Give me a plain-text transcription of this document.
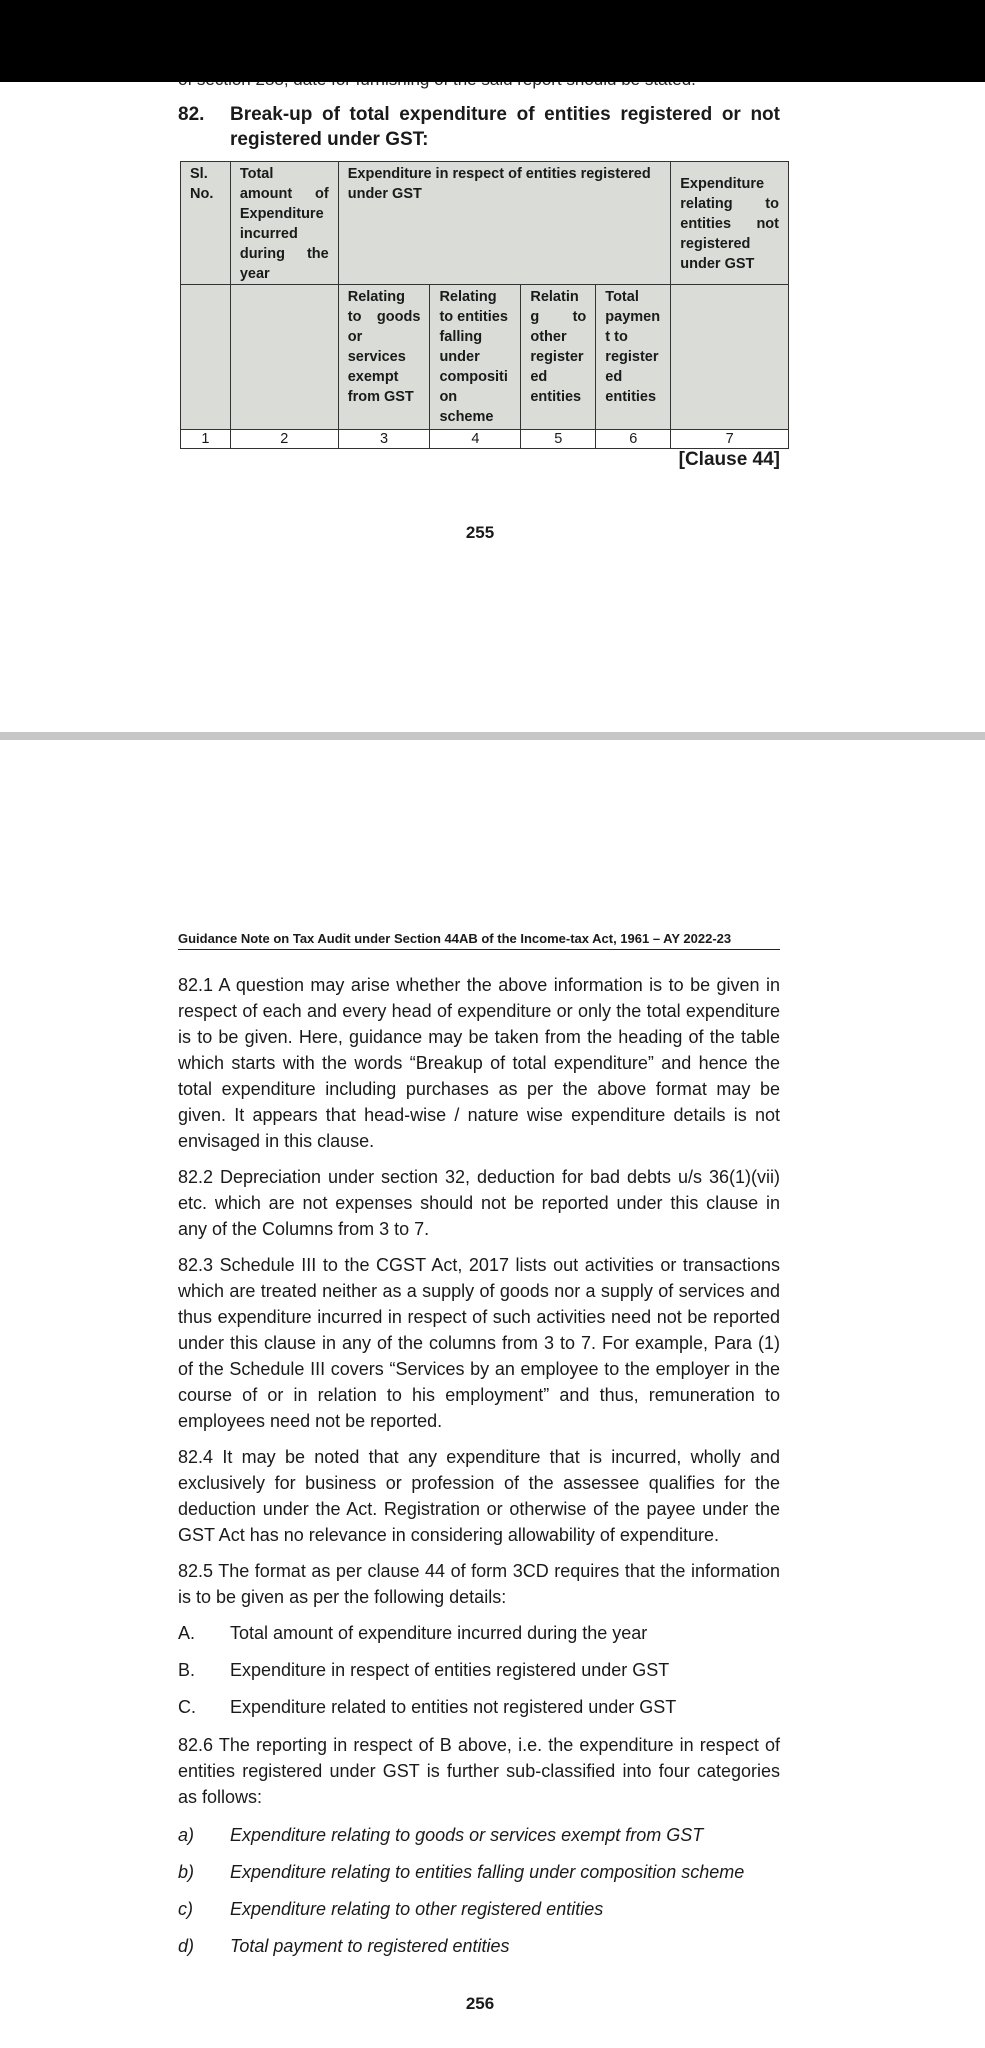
82. Break-up of total expenditure of entities registered or not registered under GST:
Sl. No.	Total amount of Expenditure incurred during the year	Expenditure in respect of entities registered under GST				Expenditure relating to entities not registered under GST
		Relating to goods or services exempt from GST	Relating to entities falling under compositi on scheme	Relatin g to other register ed entities	Total paymen t to register ed entities	
1	2	3	4	5	6	7
[Clause 44]
255
Guidance Note on Tax Audit under Section 44AB of the Income-tax Act, 1961 – AY 2022-23

82.1 A question may arise whether the above information is to be given in respect of each and every head of expenditure or only the total expenditure is to be given. Here, guidance may be taken from the heading of the table which starts with the words “Breakup of total expenditure” and hence the total expenditure including purchases as per the above format may be given. It appears that head-wise / nature wise expenditure details is not envisaged in this clause.

82.2 Depreciation under section 32, deduction for bad debts u/s 36(1)(vii) etc. which are not expenses should not be reported under this clause in any of the Columns from 3 to 7.

82.3 Schedule III to the CGST Act, 2017 lists out activities or transactions which are treated neither as a supply of goods nor a supply of services and thus expenditure incurred in respect of such activities need not be reported under this clause in any of the columns from 3 to 7. For example, Para (1) of the Schedule III covers “Services by an employee to the employer in the course of or in relation to his employment” and thus, remuneration to employees need not be reported.

82.4 It may be noted that any expenditure that is incurred, wholly and exclusively for business or profession of the assessee qualifies for the deduction under the Act. Registration or otherwise of the payee under the GST Act has no relevance in considering allowability of expenditure.

82.5 The format as per clause 44 of form 3CD requires that the information is to be given as per the following details:

A. Total amount of expenditure incurred during the year
B. Expenditure in respect of entities registered under GST
C. Expenditure related to entities not registered under GST

82.6 The reporting in respect of B above, i.e. the expenditure in respect of entities registered under GST is further sub-classified into four categories as follows:

a) Expenditure relating to goods or services exempt from GST
b) Expenditure relating to entities falling under composition scheme
c) Expenditure relating to other registered entities
d) Total payment to registered entities
256
